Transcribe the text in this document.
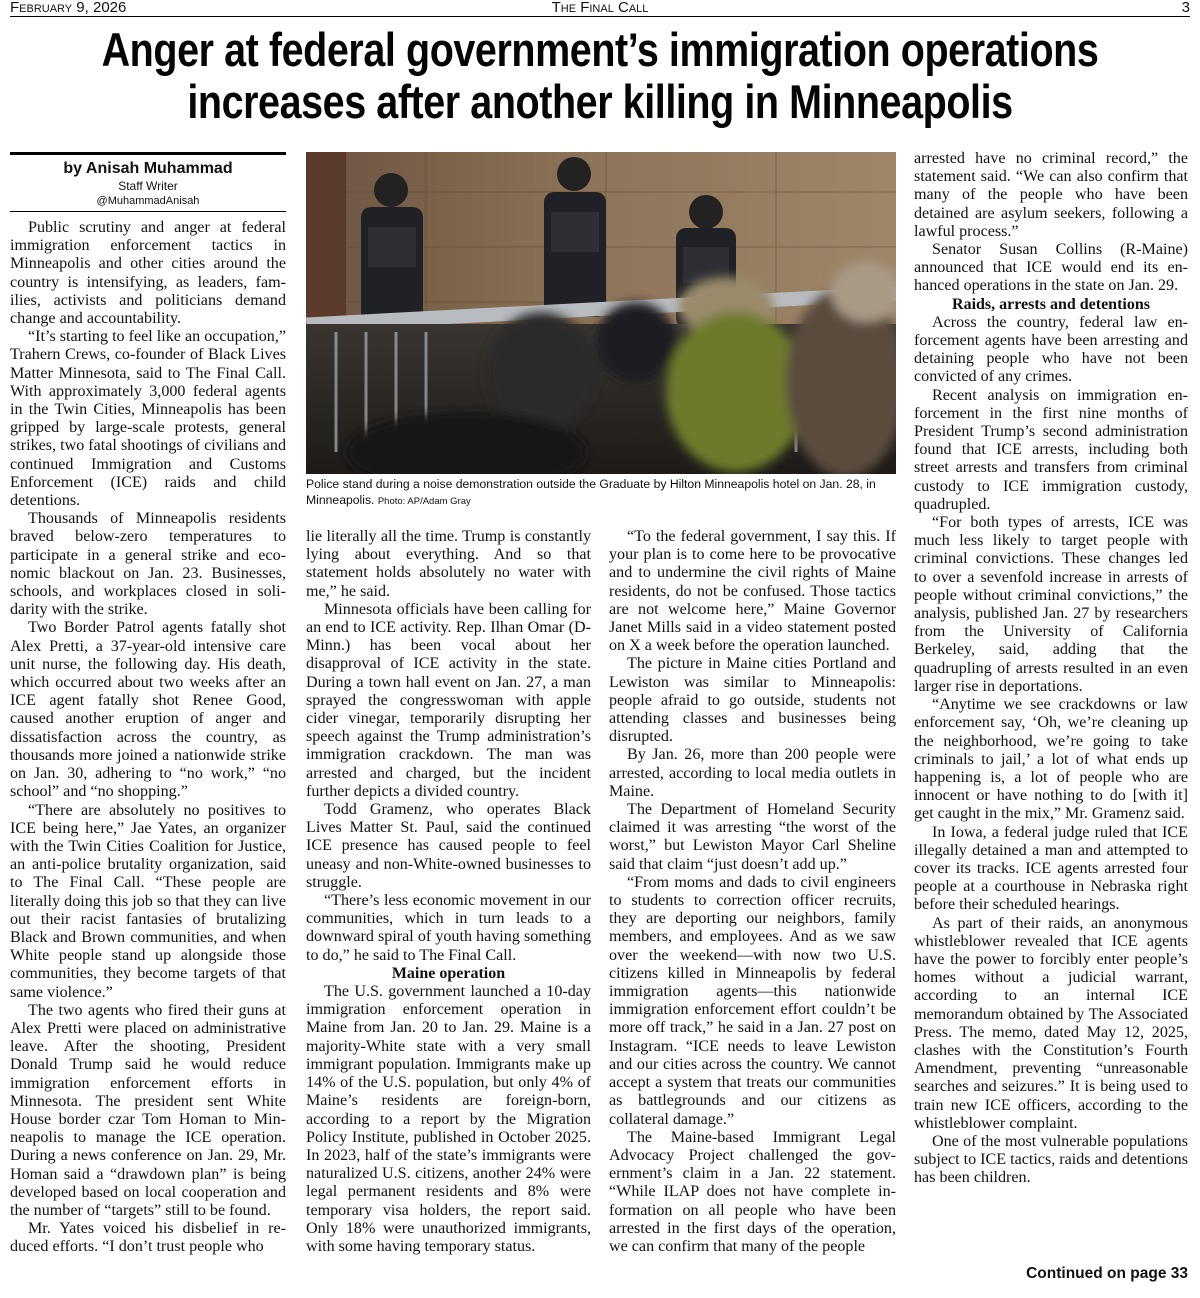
The Final Call
February 9, 2026	3
Anger at federal government’s immigration operations
increases after another killing in Minneapolis
by Anisah Muhammad
Staff Writer
@MuhammadAnisah
Police stand during a noise demonstration outside the Graduate by Hilton Minneapolis hotel on Jan. 28, in Minneapolis. Photo: AP/Adam Gray

Public scrutiny and anger at federal immigration enforcement tactics in Minneapolis and other cities around the country is intensifying, as leaders, families, activists and politicians demand change and accountability.

“It’s starting to feel like an occupation,” Trahern Crews, co-founder of Black Lives Matter Minnesota, said to The Final Call. With approximately 3,000 federal agents in the Twin Cities, Minneapolis has been gripped by large-scale protests, general strikes, two fatal shootings of civilians and continued Immigration and Customs Enforcement (ICE) raids and child detentions.

Thousands of Minneapolis residents braved below-zero temperatures to participate in a general strike and economic blackout on Jan. 23. Businesses, schools, and workplaces closed in solidarity with the strike.

Two Border Patrol agents fatally shot Alex Pretti, a 37-year-old intensive care unit nurse, the following day. His death, which occurred about two weeks after an ICE agent fatally shot Renee Good, caused another eruption of anger and dissatisfaction across the country, as thousands more joined a nationwide strike on Jan. 30, adhering to “no work,” “no school” and “no shopping.”

“There are absolutely no positives to ICE being here,” Jae Yates, an organizer with the Twin Cities Coalition for Justice, an anti-police brutality organization, said to The Final Call. “These people are literally doing this job so that they can live out their racist fantasies of brutalizing Black and Brown communities, and when White people stand up alongside those communities, they become targets of that same violence.”

The two agents who fired their guns at Alex Pretti were placed on administrative leave. After the shooting, President Donald Trump said he would reduce immigration enforcement efforts in Minnesota. The president sent White House border czar Tom Homan to Minneapolis to manage the ICE operation. During a news conference on Jan. 29, Mr. Homan said a “drawdown plan” is being developed based on local cooperation and the number of “targets” still to be found.

Mr. Yates voiced his disbelief in reduced efforts. “I don’t trust people who

lie literally all the time. Trump is constantly lying about everything. And so that statement holds absolutely no water with me,” he said.

Minnesota officials have been calling for an end to ICE activity. Rep. Ilhan Omar (D-Minn.) has been vocal about her disapproval of ICE activity in the state. During a town hall event on Jan. 27, a man sprayed the congresswoman with apple cider vinegar, temporarily disrupting her speech against the Trump administration’s immigration crackdown. The man was arrested and charged, but the incident further depicts a divided country.

Todd Gramenz, who operates Black Lives Matter St. Paul, said the continued ICE presence has caused people to feel uneasy and non-White-owned businesses to struggle.

“There’s less economic movement in our communities, which in turn leads to a downward spiral of youth having something to do,” he said to The Final Call.

Maine operation

The U.S. government launched a 10-day immigration enforcement operation in Maine from Jan. 20 to Jan. 29. Maine is a majority-White state with a very small immigrant population. Immigrants make up 14% of the U.S. population, but only 4% of Maine’s residents are foreign-born, according to a report by the Migration Policy Institute, published in October 2025. In 2023, half of the state’s immigrants were naturalized U.S. citizens, another 24% were legal permanent residents and 8% were temporary visa holders, the report said. Only 18% were unauthorized immigrants, with some having temporary status.

“To the federal government, I say this. If your plan is to come here to be provocative and to undermine the civil rights of Maine residents, do not be confused. Those tactics are not welcome here,” Maine Governor Janet Mills said in a video statement posted on X a week before the operation launched.

The picture in Maine cities Portland and Lewiston was similar to Minneapolis: people afraid to go outside, students not attending classes and businesses being disrupted.

By Jan. 26, more than 200 people were arrested, according to local media outlets in Maine.

The Department of Homeland Security claimed it was arresting “the worst of the worst,” but Lewiston Mayor Carl Sheline said that claim “just doesn’t add up.”

“From moms and dads to civil engineers to students to correction officer recruits, they are deporting our neighbors, family members, and employees. And as we saw over the weekend—with now two U.S. citizens killed in Minneapolis by federal immigration agents—this nationwide immigration enforcement effort couldn’t be more off track,” he said in a Jan. 27 post on Instagram. “ICE needs to leave Lewiston and our cities across the country. We cannot accept a system that treats our communities as battlegrounds and our citizens as collateral damage.”

The Maine-based Immigrant Legal Advocacy Project challenged the government’s claim in a Jan. 22 statement. “While ILAP does not have complete information on all people who have been arrested in the first days of the operation, we can confirm that many of the people

arrested have no criminal record,” the statement said. “We can also confirm that many of the people who have been detained are asylum seekers, following a lawful process.”

Senator Susan Collins (R-Maine) announced that ICE would end its enhanced operations in the state on Jan. 29.

Raids, arrests and detentions

Across the country, federal law enforcement agents have been arresting and detaining people who have not been convicted of any crimes.

Recent analysis on immigration enforcement in the first nine months of President Trump’s second administration found that ICE arrests, including both street arrests and transfers from criminal custody to ICE immigration custody, quadrupled.

“For both types of arrests, ICE was much less likely to target people with criminal convictions. These changes led to over a sevenfold increase in arrests of people without criminal convictions,” the analysis, published Jan. 27 by researchers from the University of California Berkeley, said, adding that the quadrupling of arrests resulted in an even larger rise in deportations.

“Anytime we see crackdowns or law enforcement say, ‘Oh, we’re cleaning up the neighborhood, we’re going to take criminals to jail,’ a lot of what ends up happening is, a lot of people who are innocent or have nothing to do [with it] get caught in the mix,” Mr. Gramenz said.

In Iowa, a federal judge ruled that ICE illegally detained a man and attempted to cover its tracks. ICE agents arrested four people at a courthouse in Nebraska right before their scheduled hearings.

As part of their raids, an anonymous whistleblower revealed that ICE agents have the power to forcibly enter people’s homes without a judicial warrant, according to an internal ICE memorandum obtained by The Associated Press. The memo, dated May 12, 2025, clashes with the Constitution’s Fourth Amendment, preventing “unreasonable searches and seizures.” It is being used to train new ICE officers, according to the whistleblower complaint.

One of the most vulnerable populations subject to ICE tactics, raids and detentions has been children.

Continued on page 33
